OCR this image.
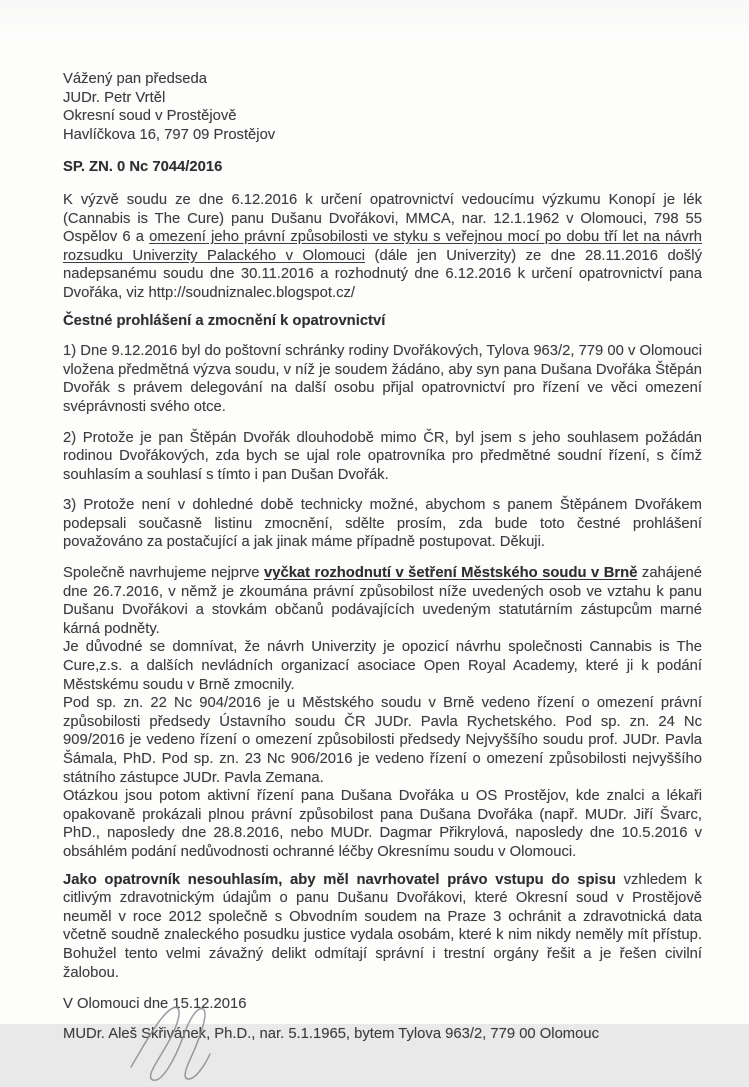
Vážený pan předseda
JUDr. Petr Vrtěl
Okresní soud v Prostějově
Havlíčkova 16, 797 09 Prostějov
SP. ZN. 0 Nc 7044/2016
K výzvě soudu ze dne 6.12.2016 k určení opatrovnictví vedoucímu výzkumu Konopí je lék (Cannabis is The Cure) panu Dušanu Dvořákovi, MMCA, nar. 12.1.1962 v Olomouci, 798 55 Ospělov 6 a omezení jeho právní způsobilosti ve styku s veřejnou mocí po dobu tří let na návrh rozsudku Univerzity Palackého v Olomouci (dále jen Univerzity) ze dne 28.11.2016 došlý nadepsanému soudu dne 30.11.2016 a rozhodnutý dne 6.12.2016 k určení opatrovnictví pana Dvořáka, viz http://soudniznalec.blogspot.cz/
Čestné prohlášení a zmocnění k opatrovnictví
1) Dne 9.12.2016 byl do poštovní schránky rodiny Dvořákových, Tylova 963/2, 779 00 v Olomouci vložena předmětná výzva soudu, v níž je soudem žádáno, aby syn pana Dušana Dvořáka Štěpán Dvořák s právem delegování na další osobu přijal opatrovnictví pro řízení ve věci omezení svéprávnosti svého otce.
2) Protože je pan Štěpán Dvořák dlouhodobě mimo ČR, byl jsem s jeho souhlasem požádán rodinou Dvořákových, zda bych se ujal role opatrovníka pro předmětné soudní řízení, s čímž souhlasím a souhlasí s tímto i pan Dušan Dvořák.
3) Protože není v dohledné době technicky možné, abychom s panem Štěpánem Dvořákem podepsali současně listinu zmocnění, sdělte prosím, zda bude toto čestné prohlášení považováno za postačující a jak jinak máme případně postupovat. Děkuji.
Společně navrhujeme nejprve vyčkat rozhodnutí v šetření Městského soudu v Brně zahájené dne 26.7.2016, v němž je zkoumána právní způsobilost níže uvedených osob ve vztahu k panu Dušanu Dvořákovi a stovkám občanů podávajících uvedeným statutárním zástupcům marné kárná podněty.
Je důvodné se domnívat, že návrh Univerzity je opozicí návrhu společnosti Cannabis is The Cure,z.s. a dalších nevládních organizací asociace Open Royal Academy, které ji k podání Městskému soudu v Brně zmocnily.
Pod sp. zn. 22 Nc 904/2016 je u Městského soudu v Brně vedeno řízení o omezení právní způsobilosti předsedy Ústavního soudu ČR JUDr. Pavla Rychetského. Pod sp. zn. 24 Nc 909/2016 je vedeno řízení o omezení způsobilosti předsedy Nejvyššího soudu prof. JUDr. Pavla Šámala, PhD. Pod sp. zn. 23 Nc 906/2016 je vedeno řízení o omezení způsobilosti nejvyššího státního zástupce JUDr. Pavla Zemana.
Otázkou jsou potom aktivní řízení pana Dušana Dvořáka u OS Prostějov, kde znalci a lékaři opakovaně prokázali plnou právní způsobilost pana Dušana Dvořáka (např. MUDr. Jiří Švarc, PhD., naposledy dne 28.8.2016, nebo MUDr. Dagmar Přikrylová, naposledy dne 10.5.2016 v obsáhlém podání nedůvodnosti ochranné léčby Okresnímu soudu v Olomouci.
Jako opatrovník nesouhlasím, aby měl navrhovatel právo vstupu do spisu vzhledem k citlivým zdravotnickým údajům o panu Dušanu Dvořákovi, které Okresní soud v Prostějově neuměl v roce 2012 společně s Obvodním soudem na Praze 3 ochránit a zdravotnická data včetně soudně znaleckého posudku justice vydala osobám, které k nim nikdy neměly mít přístup. Bohužel tento velmi závažný delikt odmítají správní i trestní orgány řešit a je řešen civilní žalobou.
V Olomouci dne 15.12.2016
MUDr. Aleš Skřivánek, Ph.D., nar. 5.1.1965, bytem Tylova 963/2, 779 00 Olomouc
